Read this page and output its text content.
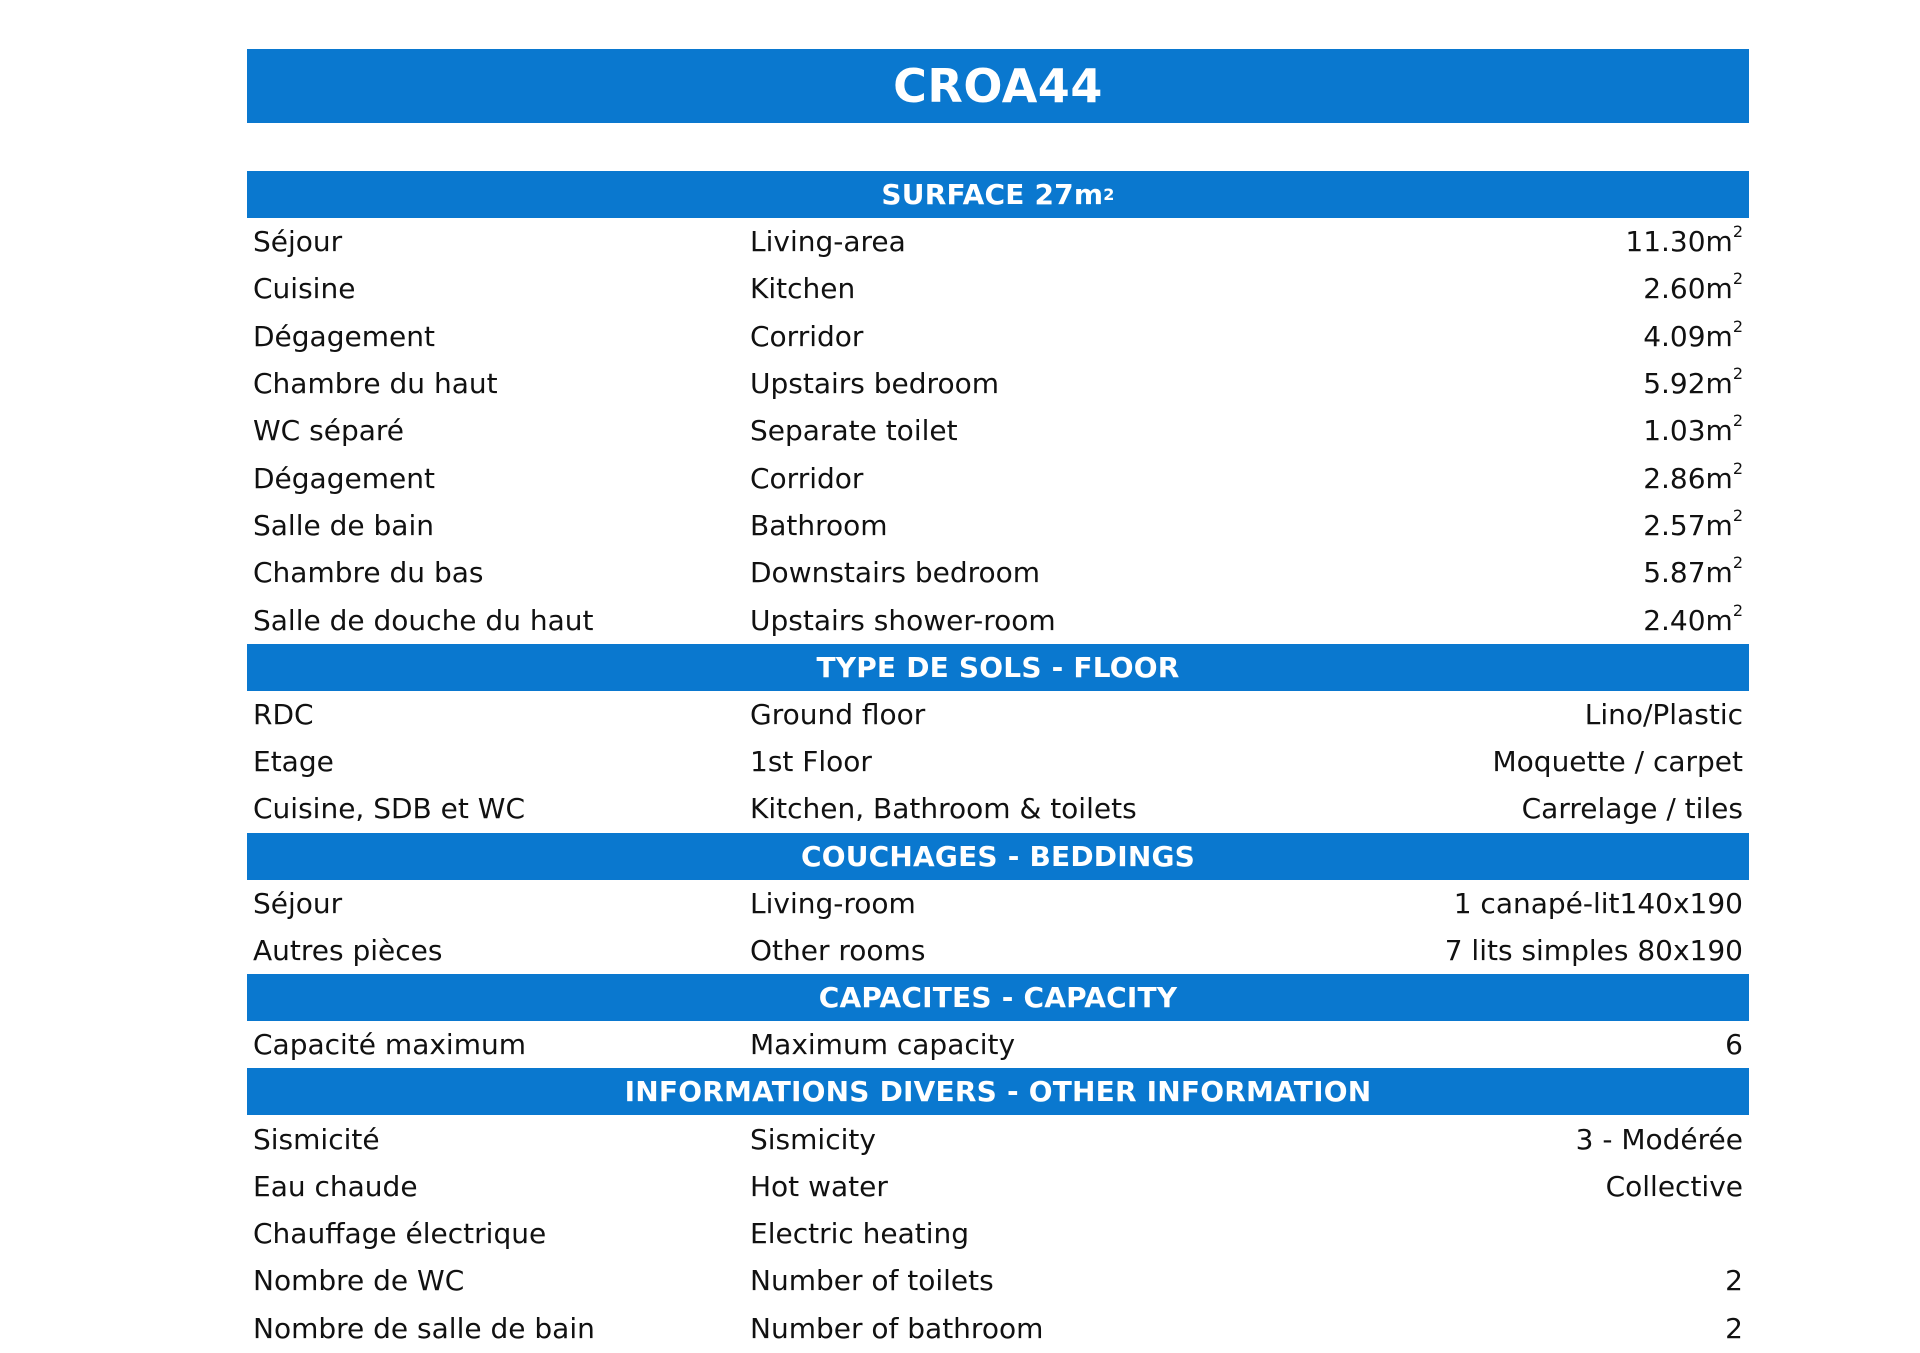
CROA44
SURFACE 27m 2
Séjour	Living-area	$11.30m^2$
Cuisine	Kitchen	$2.60m^2$
Dégagement	Corridor	$4.09m^2$
Chambre du haut	Upstairs bedroom	$5.92m^2$
WC séparé	Separate toilet	$1.03m^2$
Dégagement	Corridor	$2.86m^2$
Salle de bain	Bathroom	$2.57m^2$
Chambre du bas	Downstairs bedroom	$5.87m^2$
Salle de douche du haut	Upstairs shower-room	$2.40m^2$
TYPE DE SOLS - FLOOR
RDC	Ground floor	Lino/Plastic
Etage	1st Floor	Moquette / carpet
Cuisine, SDB et WC	Kitchen, Bathroom & toilets	Carrelage / tiles
COUCHAGES - BEDDINGS
Séjour	Living-room	1 canapé-lit140x190
Autres pièces	Other rooms	7 lits simples 80x190
CAPACITES - CAPACITY
Capacité maximum	Maximum capacity	6
INFORMATIONS DIVERS - OTHER INFORMATION
Sismicité	Sismicity	3 - Modérée
Eau chaude	Hot water	Collective
Chauffage électrique	Electric heating
Nombre de WC	Number of toilets	2
Nombre de salle de bain	Number of bathroom	2
